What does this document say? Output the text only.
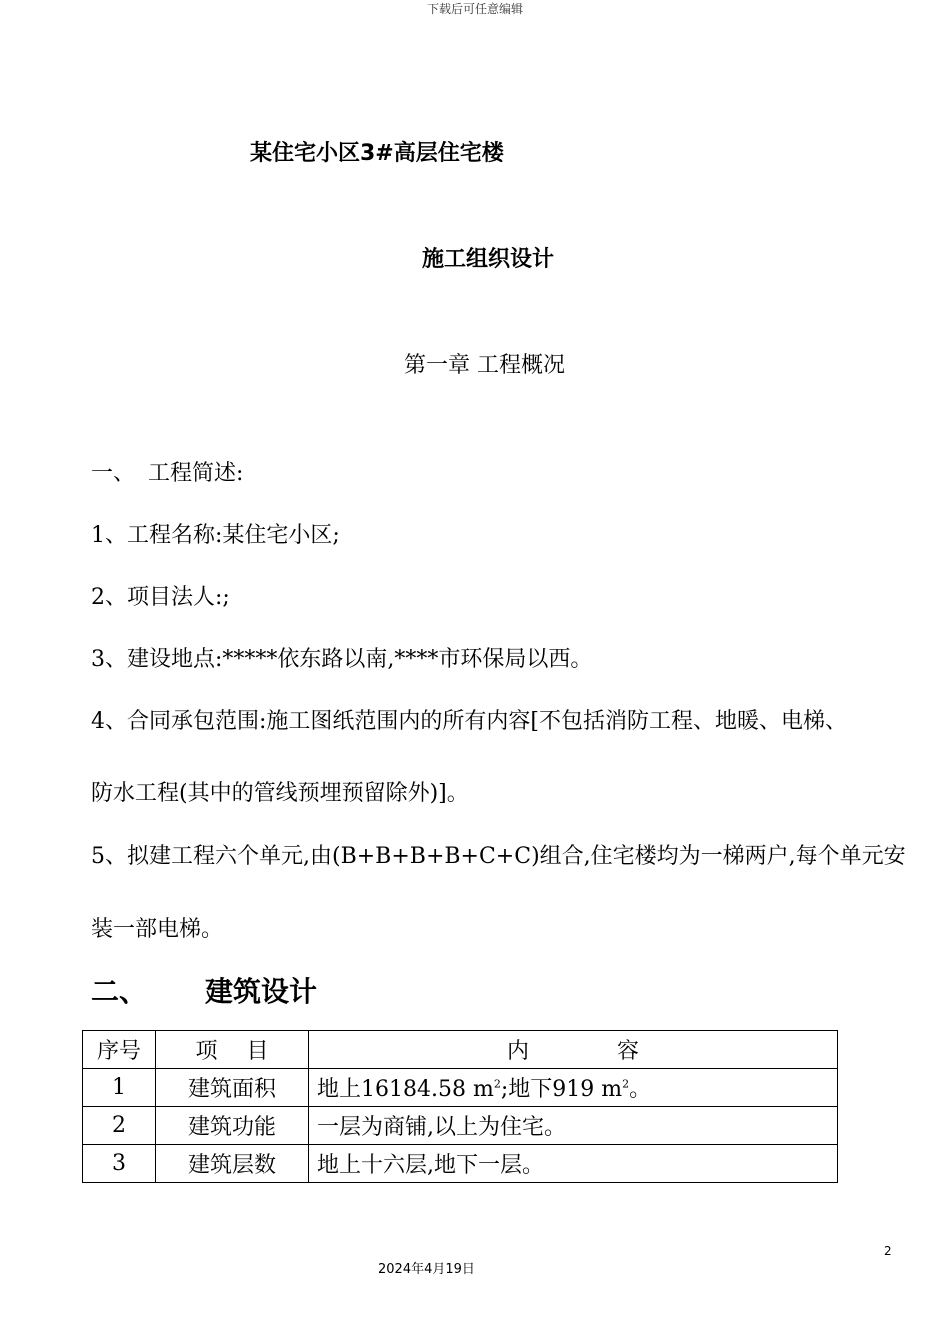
下载后可任意编辑
某住宅小区3#高层住宅楼
施工组织设计
第一章 工程概况
一、 工程简述:
1、工程名称:某住宅小区;
2、项目法人:;
3、建设地点:*****依东路以南,****市环保局以西。
4、合同承包范围:施工图纸范围内的所有内容[不包括消防工程、地暖、电梯、
防水工程(其中的管线预埋预留除外)]。
5、拟建工程六个单元,由(B+B+B+B+C+C)组合,住宅楼均为一梯两户,每个单元安
装一部电梯。
二、 建筑设计
序号	项　 目	内　　　　容
1	建筑面积	地上16184.58 $m^2$;地下919 $m^2$。
2	建筑功能	一层为商铺,以上为住宅。
3	建筑层数	地上十六层,地下一层。
2
2024年4月19日
